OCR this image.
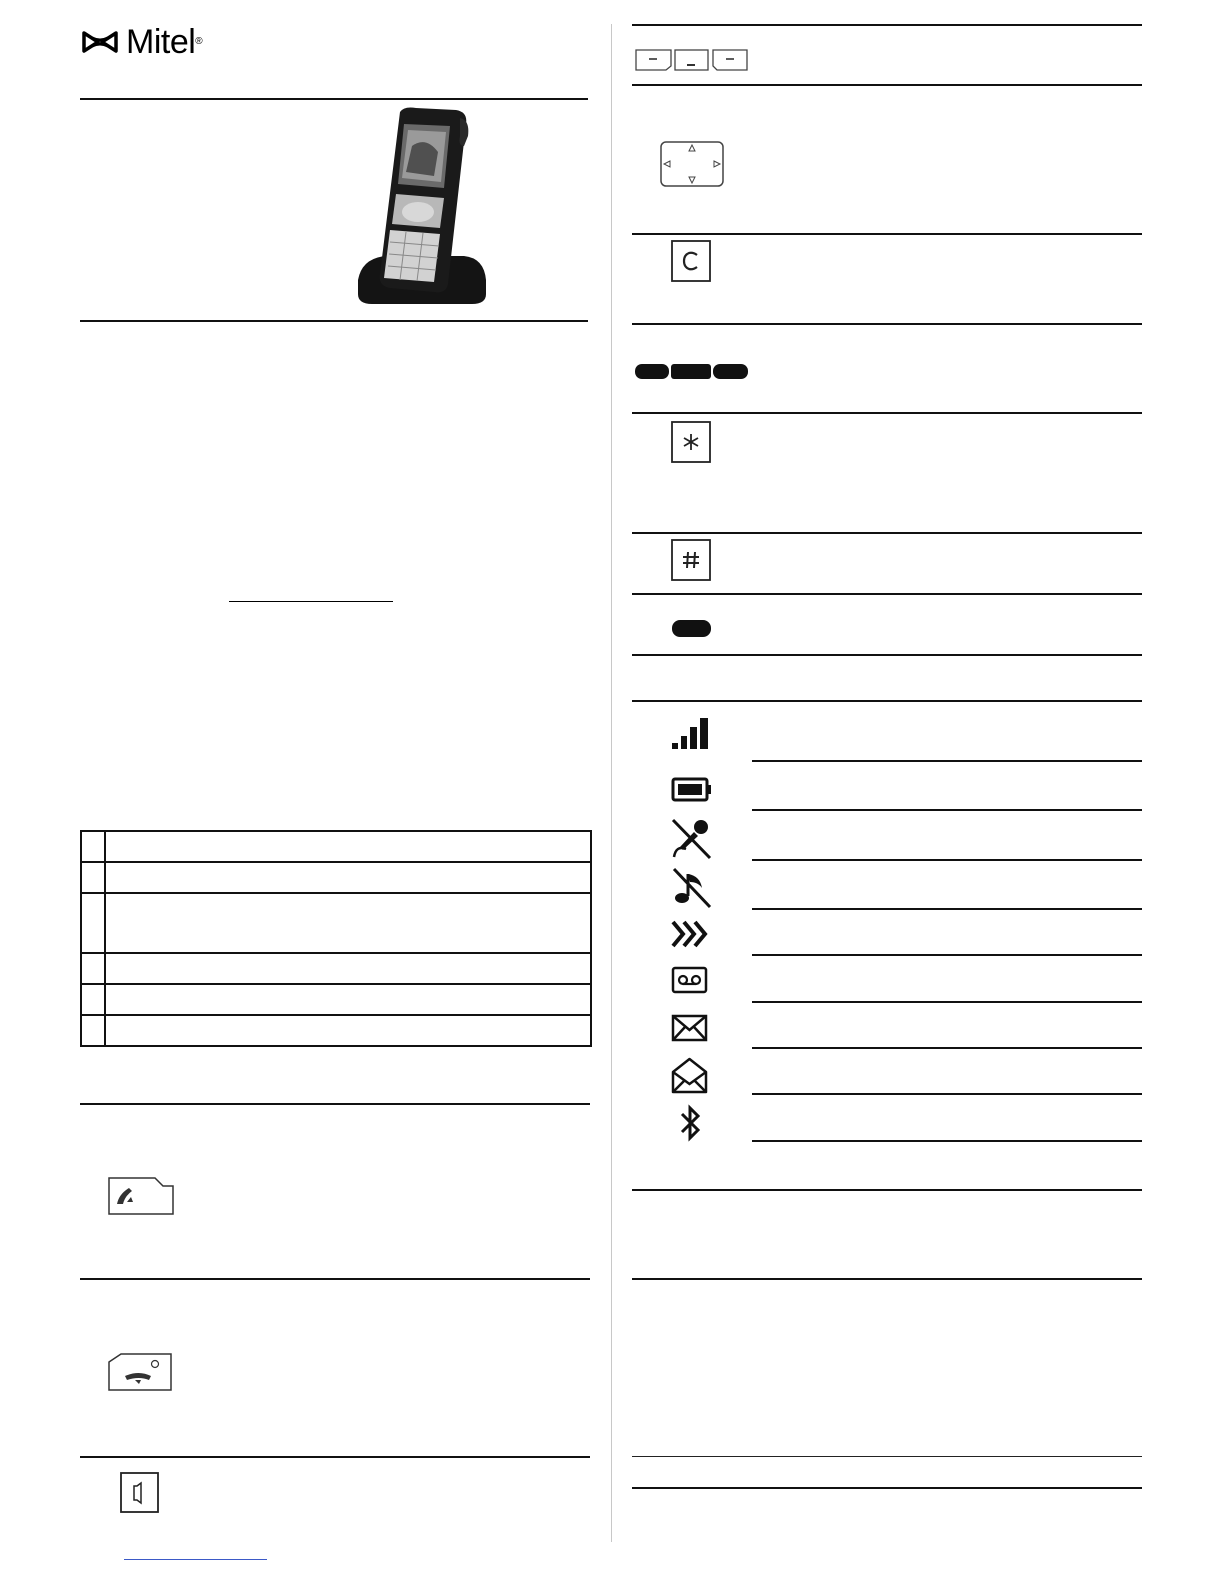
Mitel®
